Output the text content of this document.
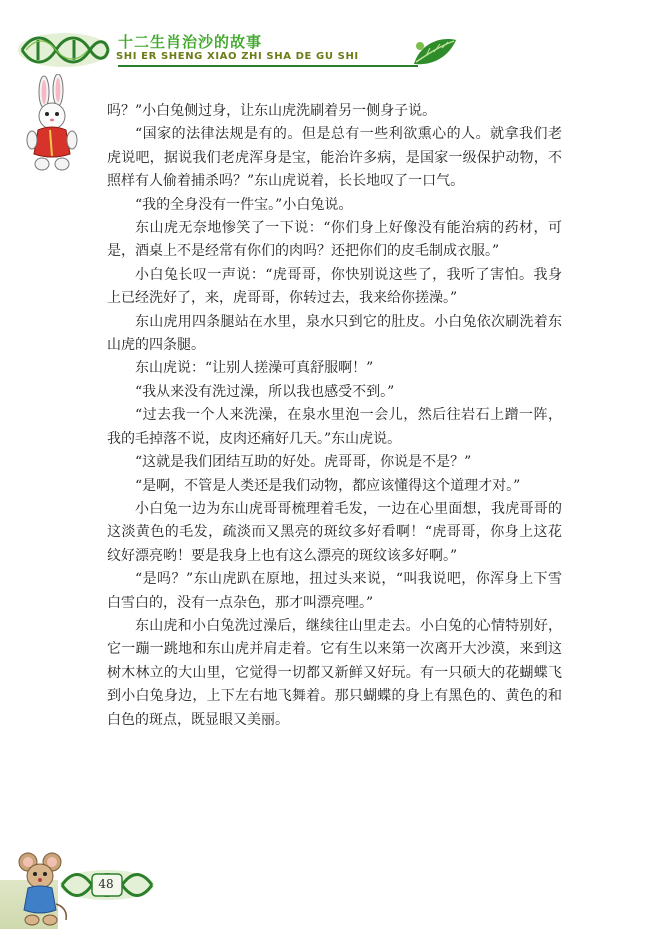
十二生肖治沙的故事
SHI ER SHENG XIAO ZHI SHA DE GU SHI

吗？”小白兔侧过身，让东山虎洗刷着另一侧身子说。

“国家的法律法规是有的。但是总有一些利欲熏心的人。就拿我们老虎说吧，据说我们老虎浑身是宝，能治许多病，是国家一级保护动物，不照样有人偷着捕杀吗？”东山虎说着，长长地叹了一口气。

“我的全身没有一件宝。”小白兔说。

东山虎无奈地惨笑了一下说：“你们身上好像没有能治病的药材，可是，酒桌上不是经常有你们的肉吗？还把你们的皮毛制成衣服。”

小白兔长叹一声说：“虎哥哥，你快别说这些了，我听了害怕。我身上已经洗好了，来，虎哥哥，你转过去，我来给你搓澡。”

东山虎用四条腿站在水里，泉水只到它的肚皮。小白兔依次刷洗着东山虎的四条腿。

东山虎说：“让别人搓澡可真舒服啊！”

“我从来没有洗过澡，所以我也感受不到。”

“过去我一个人来洗澡，在泉水里泡一会儿，然后往岩石上蹭一阵，我的毛掉落不说，皮肉还痛好几天。”东山虎说。

“这就是我们团结互助的好处。虎哥哥，你说是不是？”

“是啊，不管是人类还是我们动物，都应该懂得这个道理才对。”

小白兔一边为东山虎哥哥梳理着毛发，一边在心里面想，我虎哥哥的这淡黄色的毛发，疏淡而又黑亮的斑纹多好看啊！“虎哥哥，你身上这花纹好漂亮哟！要是我身上也有这么漂亮的斑纹该多好啊。”

“是吗？”东山虎趴在原地，扭过头来说，“叫我说吧，你浑身上下雪白雪白的，没有一点杂色，那才叫漂亮哩。”

东山虎和小白兔洗过澡后，继续往山里走去。小白兔的心情特别好，它一蹦一跳地和东山虎并肩走着。它有生以来第一次离开大沙漠，来到这树木林立的大山里，它觉得一切都又新鲜又好玩。有一只硕大的花蝴蝶飞到小白兔身边，上下左右地飞舞着。那只蝴蝶的身上有黑色的、黄色的和白色的斑点，既显眼又美丽。

48
